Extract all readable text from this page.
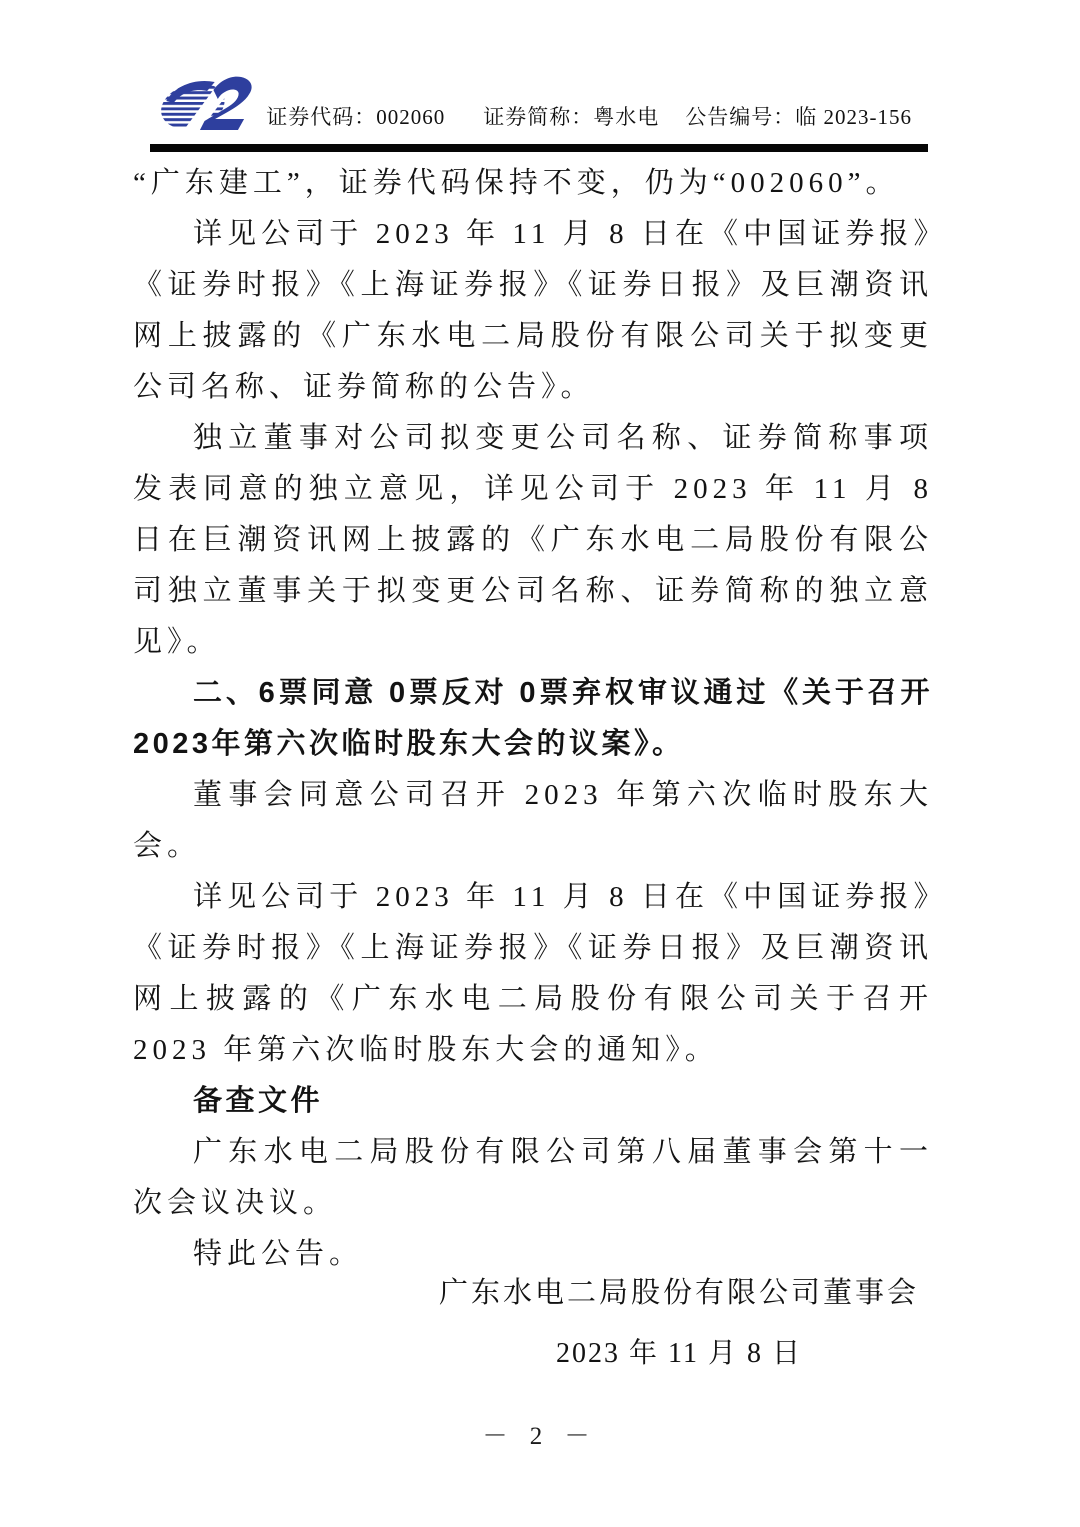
证券代码：002060 证券简称：粤水电 公告编号：临 2023-156

“广东建工”，证券代码保持不变，仍为“002060”。

详见公司于 2023 年 11 月 8 日在《中国证券报》《证券时报》《上海证券报》《证券日报》及巨潮资讯网上披露的《广东水电二局股份有限公司关于拟变更公司名称、证券简称的公告》。

独立董事对公司拟变更公司名称、证券简称事项发表同意的独立意见，详见公司于 2023 年 11 月 8 日在巨潮资讯网上披露的《广东水电二局股份有限公司独立董事关于拟变更公司名称、证券简称的独立意见》。

二、6票同意 0票反对 0票弃权审议通过《关于召开2023年第六次临时股东大会的议案》。

董事会同意公司召开 2023 年第六次临时股东大会。

详见公司于 2023 年 11 月 8 日在《中国证券报》《证券时报》《上海证券报》《证券日报》及巨潮资讯网上披露的《广东水电二局股份有限公司关于召开 2023 年第六次临时股东大会的通知》。

备查文件

广东水电二局股份有限公司第八届董事会第十一次会议决议。

特此公告。

广东水电二局股份有限公司董事会
2023 年 11 月 8 日
－ 2 －
